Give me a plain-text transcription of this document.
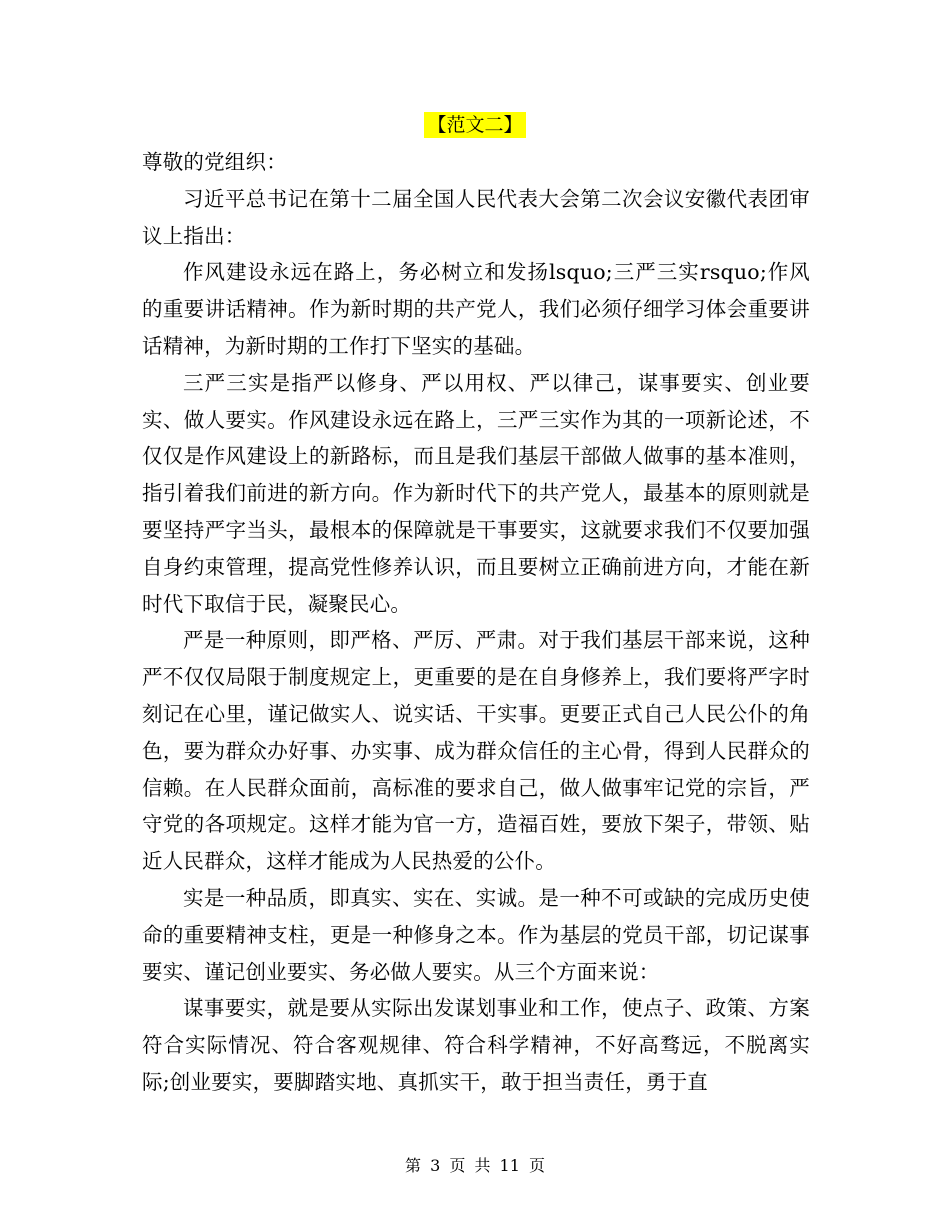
【范文二】

尊敬的党组织：

习近平总书记在第十二届全国人民代表大会第二次会议安徽代表团审议上指出：

作风建设永远在路上，务必树立和发扬lsquo;三严三实rsquo;作风的重要讲话精神。作为新时期的共产党人，我们必须仔细学习体会重要讲话精神，为新时期的工作打下坚实的基础。

三严三实是指严以修身、严以用权、严以律己，谋事要实、创业要实、做人要实。作风建设永远在路上，三严三实作为其的一项新论述，不仅仅是作风建设上的新路标，而且是我们基层干部做人做事的基本准则，指引着我们前进的新方向。作为新时代下的共产党人，最基本的原则就是要坚持严字当头，最根本的保障就是干事要实，这就要求我们不仅要加强自身约束管理，提高党性修养认识，而且要树立正确前进方向，才能在新时代下取信于民，凝聚民心。

严是一种原则，即严格、严厉、严肃。对于我们基层干部来说，这种严不仅仅局限于制度规定上，更重要的是在自身修养上，我们要将严字时刻记在心里，谨记做实人、说实话、干实事。更要正式自己人民公仆的角色，要为群众办好事、办实事、成为群众信任的主心骨，得到人民群众的信赖。在人民群众面前，高标准的要求自己，做人做事牢记党的宗旨，严守党的各项规定。这样才能为官一方，造福百姓，要放下架子，带领、贴近人民群众，这样才能成为人民热爱的公仆。

实是一种品质，即真实、实在、实诚。是一种不可或缺的完成历史使命的重要精神支柱，更是一种修身之本。作为基层的党员干部，切记谋事要实、谨记创业要实、务必做人要实。从三个方面来说：

谋事要实，就是要从实际出发谋划事业和工作，使点子、政策、方案符合实际情况、符合客观规律、符合科学精神，不好高骛远，不脱离实际;创业要实，要脚踏实地、真抓实干，敢于担当责任，勇于直

第 3 页 共 11 页
